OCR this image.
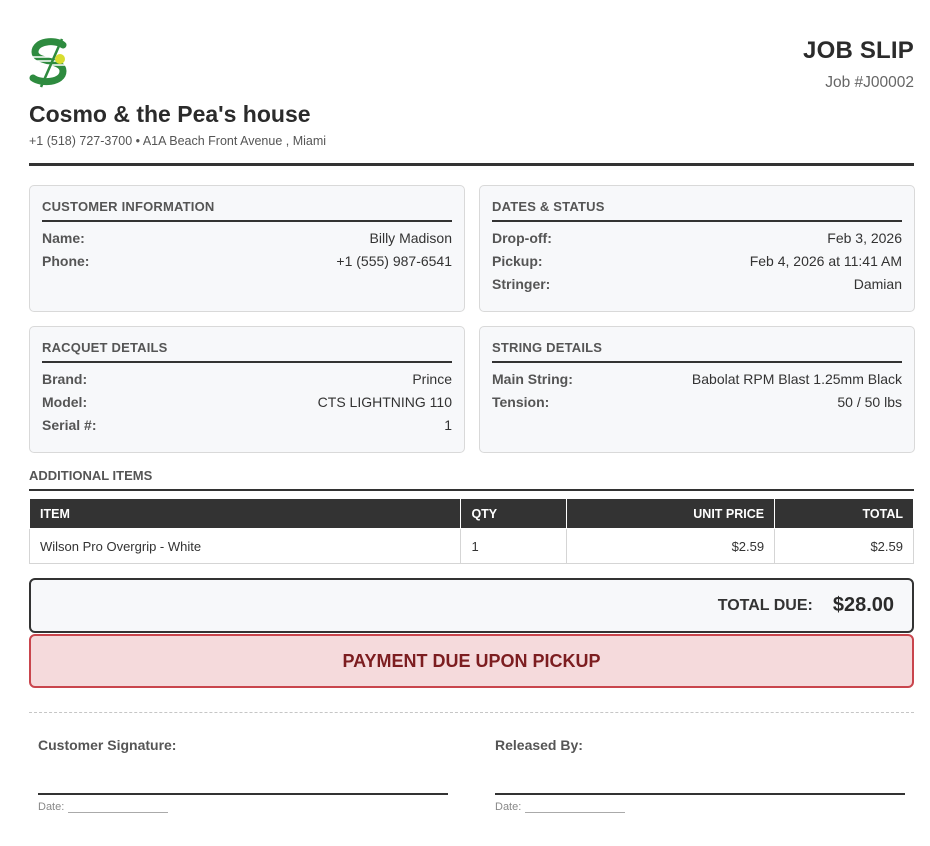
Cosmo & the Pea's house
+1 (518) 727-3700 • A1A Beach Front Avenue , Miami
JOB SLIP
Job #J00002
CUSTOMER INFORMATION
Name:	Billy Madison
Phone:	+1 (555) 987-6541
DATES & STATUS
Drop-off:	Feb 3, 2026
Pickup:	Feb 4, 2026 at 11:41 AM
Stringer:	Damian
RACQUET DETAILS
Brand:	Prince
Model:	CTS LIGHTNING 110
Serial #:	1
STRING DETAILS
Main String:	Babolat RPM Blast 1.25mm Black
Tension:	50 / 50 lbs
ADDITIONAL ITEMS
ITEM	QTY	UNIT PRICE	TOTAL
Wilson Pro Overgrip - White	1	$2.59	$2.59
TOTAL DUE: $28.00
PAYMENT DUE UPON PICKUP
Customer Signature:
Date:
Released By:
Date:
